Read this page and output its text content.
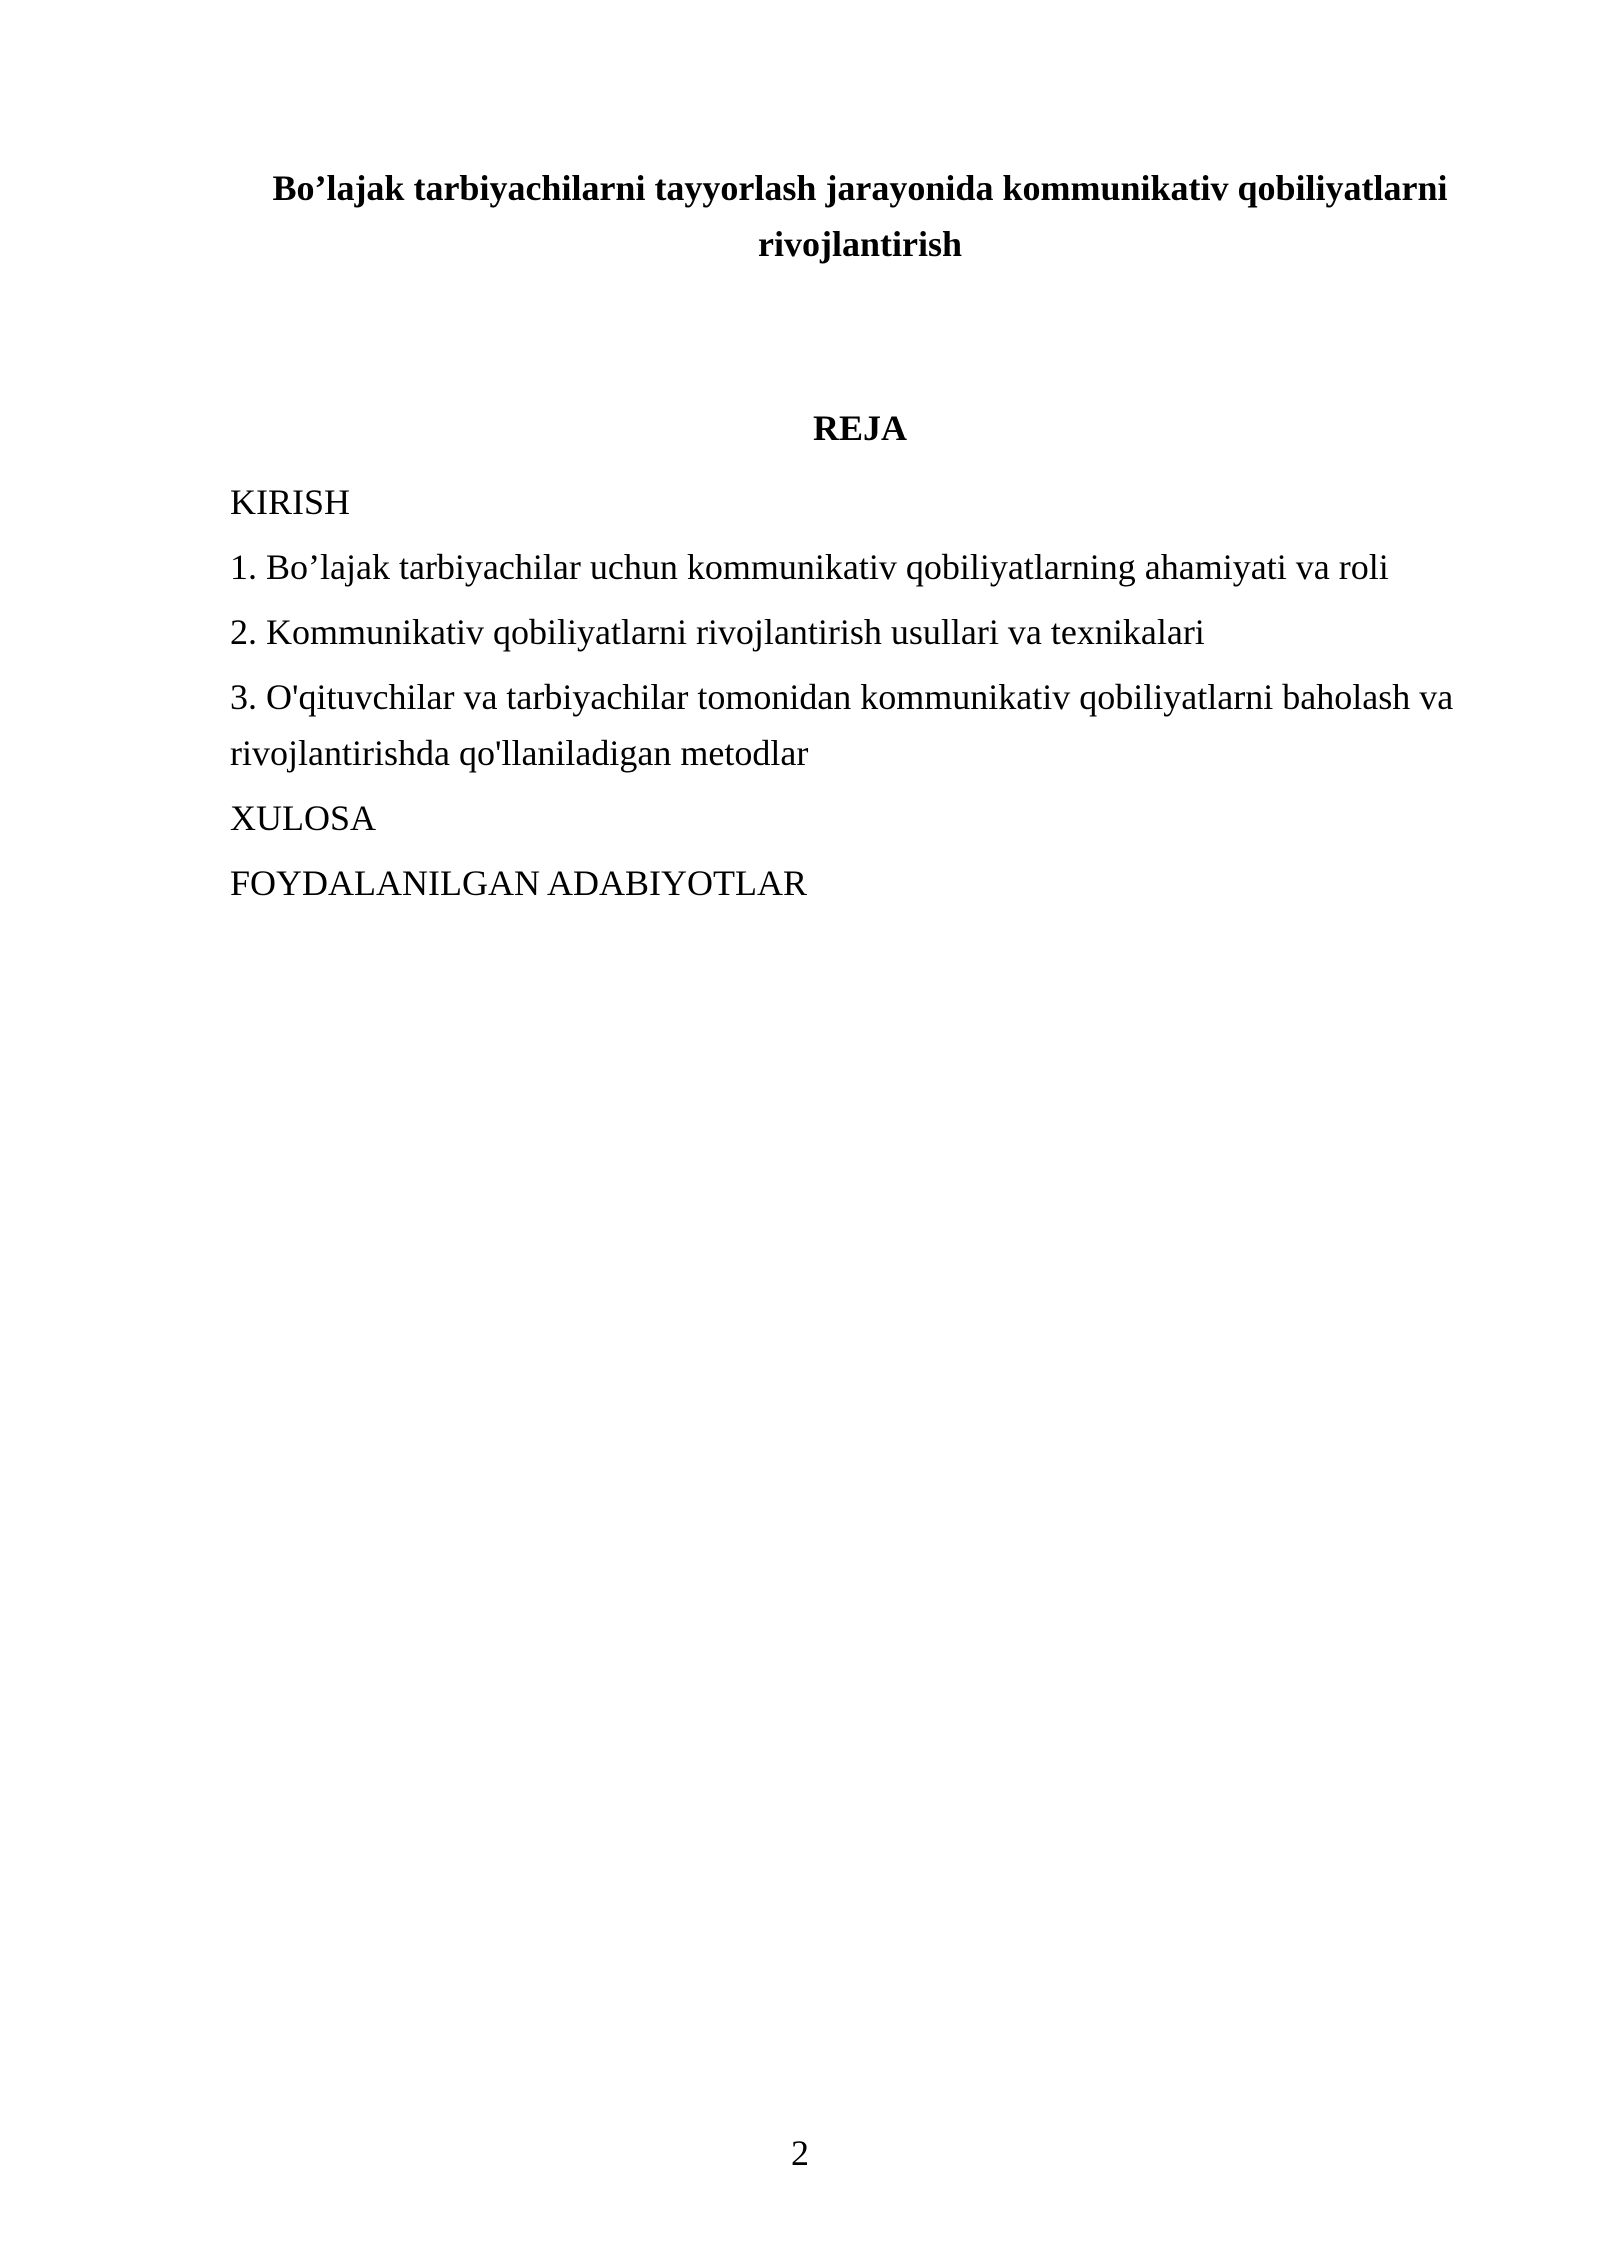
Bo’lajak tarbiyachilarni tayyorlash jarayonida kommunikativ qobiliyatlarni
rivojlantirish
REJA
KIRISH
1. Bo’lajak tarbiyachilar uchun kommunikativ qobiliyatlarning ahamiyati va roli
2. Kommunikativ qobiliyatlarni rivojlantirish usullari va texnikalari
3. O'qituvchilar va tarbiyachilar tomonidan kommunikativ qobiliyatlarni baholash va rivojlantirishda qo'llaniladigan metodlar
XULOSA
FOYDALANILGAN ADABIYOTLAR
2
